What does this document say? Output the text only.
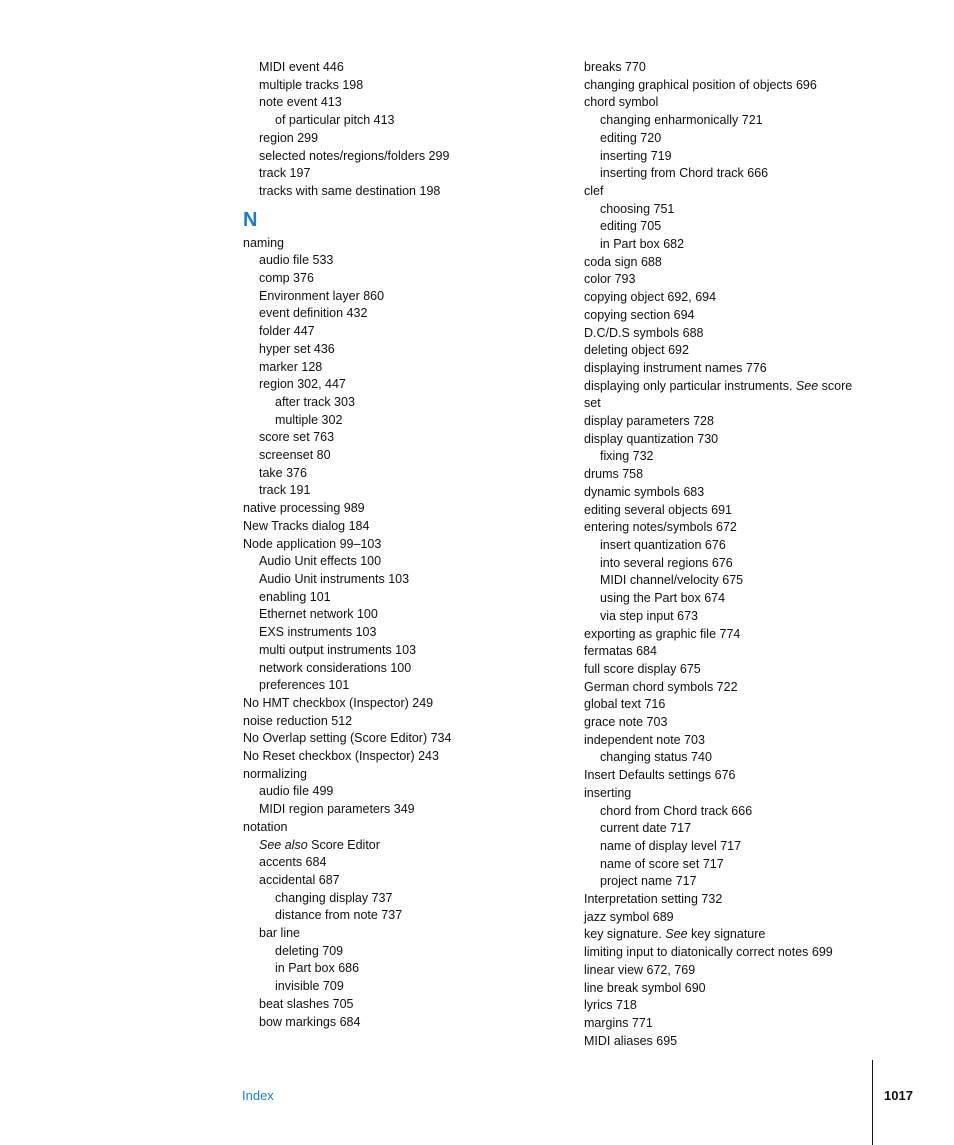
MIDI event 446
multiple tracks 198
note event 413
of particular pitch 413
region 299
selected notes/regions/folders 299
track 197
tracks with same destination 198
N
naming
audio file 533
comp 376
Environment layer 860
event definition 432
folder 447
hyper set 436
marker 128
region 302, 447
after track 303
multiple 302
score set 763
screenset 80
take 376
track 191
native processing 989
New Tracks dialog 184
Node application 99–103
Audio Unit effects 100
Audio Unit instruments 103
enabling 101
Ethernet network 100
EXS instruments 103
multi output instruments 103
network considerations 100
preferences 101
No HMT checkbox (Inspector) 249
noise reduction 512
No Overlap setting (Score Editor) 734
No Reset checkbox (Inspector) 243
normalizing
audio file 499
MIDI region parameters 349
notation
See also Score Editor
accents 684
accidental 687
changing display 737
distance from note 737
bar line
deleting 709
in Part box 686
invisible 709
beat slashes 705
bow markings 684
breaks 770
changing graphical position of objects 696
chord symbol
changing enharmonically 721
editing 720
inserting 719
inserting from Chord track 666
clef
choosing 751
editing 705
in Part box 682
coda sign 688
color 793
copying object 692, 694
copying section 694
D.C/D.S symbols 688
deleting object 692
displaying instrument names 776
displaying only particular instruments. See score
set
display parameters 728
display quantization 730
fixing 732
drums 758
dynamic symbols 683
editing several objects 691
entering notes/symbols 672
insert quantization 676
into several regions 676
MIDI channel/velocity 675
using the Part box 674
via step input 673
exporting as graphic file 774
fermatas 684
full score display 675
German chord symbols 722
global text 716
grace note 703
independent note 703
changing status 740
Insert Defaults settings 676
inserting
chord from Chord track 666
current date 717
name of display level 717
name of score set 717
project name 717
Interpretation setting 732
jazz symbol 689
key signature. See key signature
limiting input to diatonically correct notes 699
linear view 672, 769
line break symbol 690
lyrics 718
margins 771
MIDI aliases 695
Index	1017
